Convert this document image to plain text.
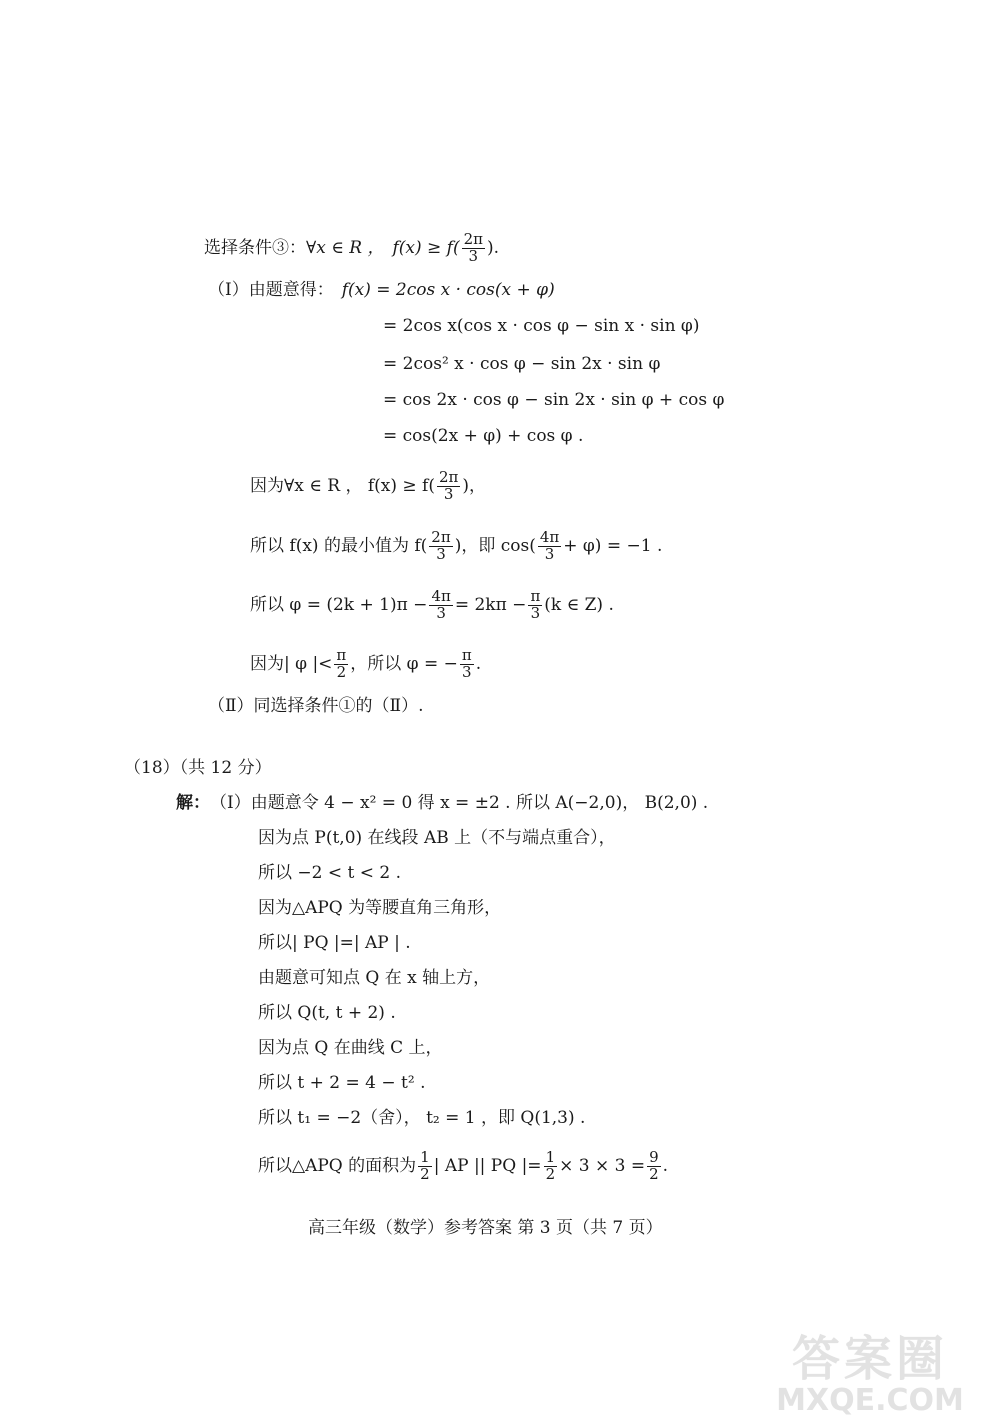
选择条件③： ∀x ∈ R ， $f(x) \ge f( \frac{2\pi}{3}$ ).
（Ⅰ）由题意得： f(x) = 2cos x · cos(x + φ)
= 2cos x(cos x · cos φ − sin x · sin φ)
= 2cos² x · cos φ − sin 2x · sin φ
= cos 2x · cos φ − sin 2x · sin φ + cos φ
= cos(2x + φ) + cos φ .
因为∀x ∈ R ， $f(x) \ge f( \frac{2\pi}{3}$ )，
所以 f(x) 的最小值为 $f( \frac{2\pi}{3}$ )，即 $\cos( \frac{4\pi}{3} + \varphi) = -1$ .
所以 $\varphi = (2k + 1)\pi - \frac{4\pi}{3} = 2k\pi - \frac{\pi}{3} (k$ ∈ Z) .
因为| φ |< $\frac{\pi}{2}$ ，所以 φ = − $\frac{\pi}{3}$ .
（Ⅱ）同选择条件①的（Ⅱ）.
（18）（共 12 分）
解： （Ⅰ）由题意令 4 − x² = 0 得 x = ±2 . 所以 A(−2,0)， B(2,0) .
因为点 P(t,0) 在线段 AB 上（不与端点重合），
所以 −2 < t < 2 .
因为△APQ 为等腰直角三角形，
所以| PQ |=| AP | .
由题意可知点 Q 在 x 轴上方，
所以 Q(t, t + 2) .
因为点 Q 在曲线 C 上，
所以 t + 2 = 4 − t² .
所以 t₁ = −2（舍）， t₂ = 1 ，即 Q(1,3) .
所以△APQ 的面积为 $\frac{1}{2}$ | AP || PQ |= $\frac{1}{2} \times 3 \times 3 = \frac{9}{2}$ .
高三年级（数学）参考答案 第 3 页（共 7 页）
答案圈
MXQE.COM
